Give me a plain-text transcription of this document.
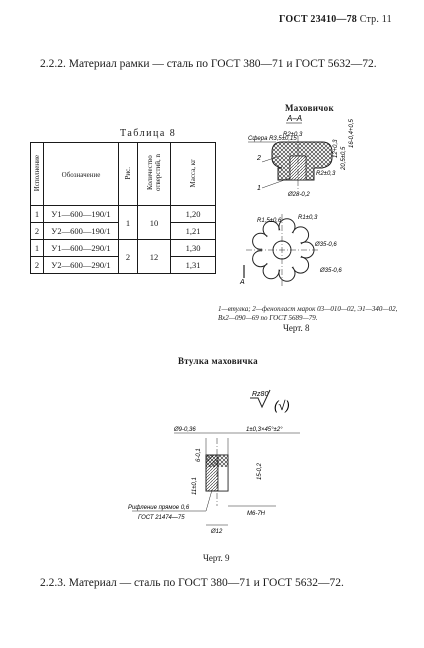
ГОСТ 23410—78 Стр. 11
2.2.2. Материал рамки — сталь по ГОСТ 380—71 и ГОСТ 5632—72.
Маховичок
Таблица 8
Исполнение	Обозначение	Рис.	Количество отверстий, n	Масса, кг
1	У1—600—190/1	1	10	1,20
2	У2—600—190/1			1,21
1	У1—600—290/1	2	12	1,30
2	У2—600—290/1			1,31
А–А
Сфера R3,5±0,15
R2±0,3
R2±0,3
Ø28-0,2
12+0,3 20,5±0,5
16-0,4+0,5
2
1
R1,5±0,6	R1±0,3
Ø35-0,6
Ø35-0,6
А
1—втулка; 2—фенопласт марок 03—010—02, Э1—340—02, Вх2—090—69 по ГОСТ 5689—79.
Черт. 8
Втулка маховичка
Rz80
(√)
Ø9-0,36	1±0,3×45°±2°
6-0,1
15-0,2
11±0,1
Рифление прямое 0,6
ГОСТ 21474—75
М6-7Н
Ø12
Черт. 9
2.2.3. Материал — сталь по ГОСТ 380—71 и ГОСТ 5632—72.
